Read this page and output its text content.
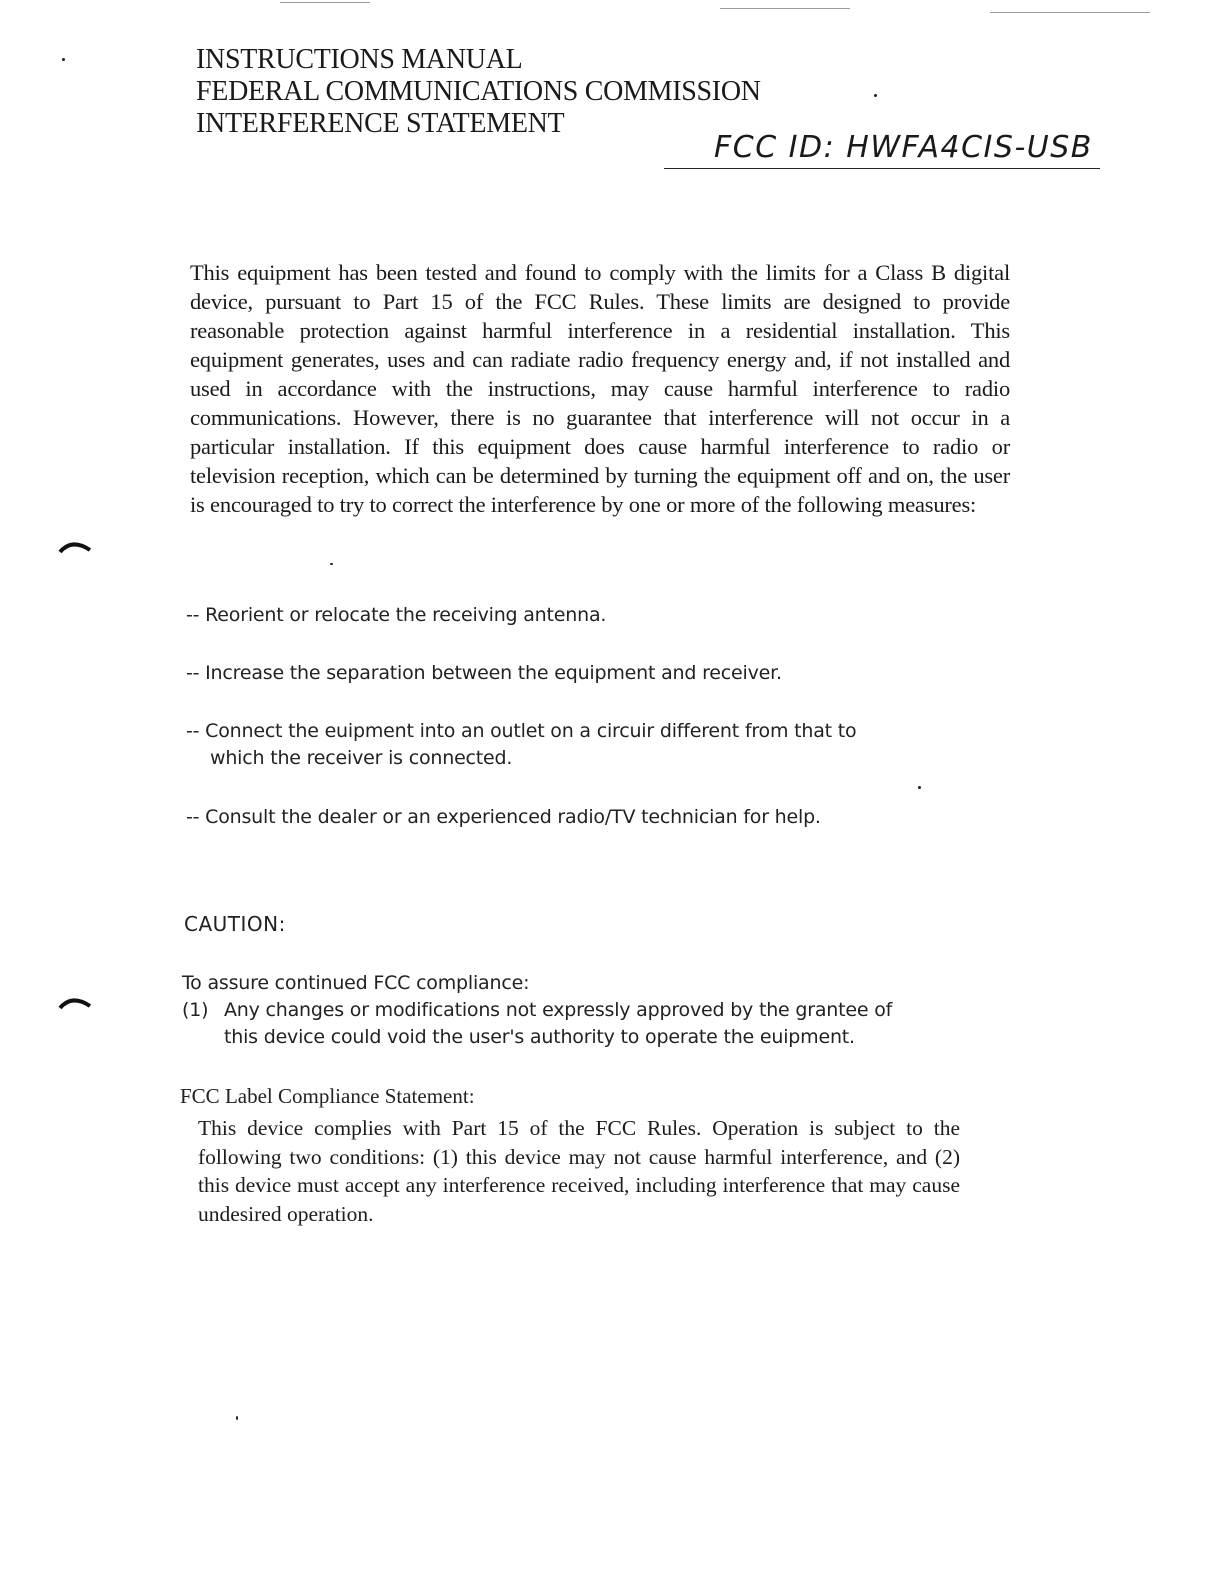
INSTRUCTIONS MANUAL
FEDERAL COMMUNICATIONS COMMISSION
INTERFERENCE STATEMENT
FCC ID: HWFA4CIS-USB
This equipment has been tested and found to comply with the limits for a Class B digital device, pursuant to Part 15 of the FCC Rules. These limits are designed to provide reasonable protection against harmful interference in a residential installation. This equipment generates, uses and can radiate radio frequency energy and, if not installed and used in accordance with the instructions, may cause harmful interference to radio communications. However, there is no guarantee that interference will not occur in a particular installation. If this equipment does cause harmful interference to radio or television reception, which can be determined by turning the equipment off and on, the user is encouraged to try to correct the interference by one or more of the following measures:
-- Reorient or relocate the receiving antenna.
-- Increase the separation between the equipment and receiver.
-- Connect the euipment into an outlet on a circuir different from that to
which the receiver is connected.
-- Consult the dealer or an experienced radio/TV technician for help.
CAUTION:
To assure continued FCC compliance:
(1) Any changes or modifications not expressly approved by the grantee of
this device could void the user's authority to operate the euipment.
FCC Label Compliance Statement:
This device complies with Part 15 of the FCC Rules. Operation is subject to the following two conditions: (1) this device may not cause harmful interference, and (2) this device must accept any interference received, including interference that may cause undesired operation.
